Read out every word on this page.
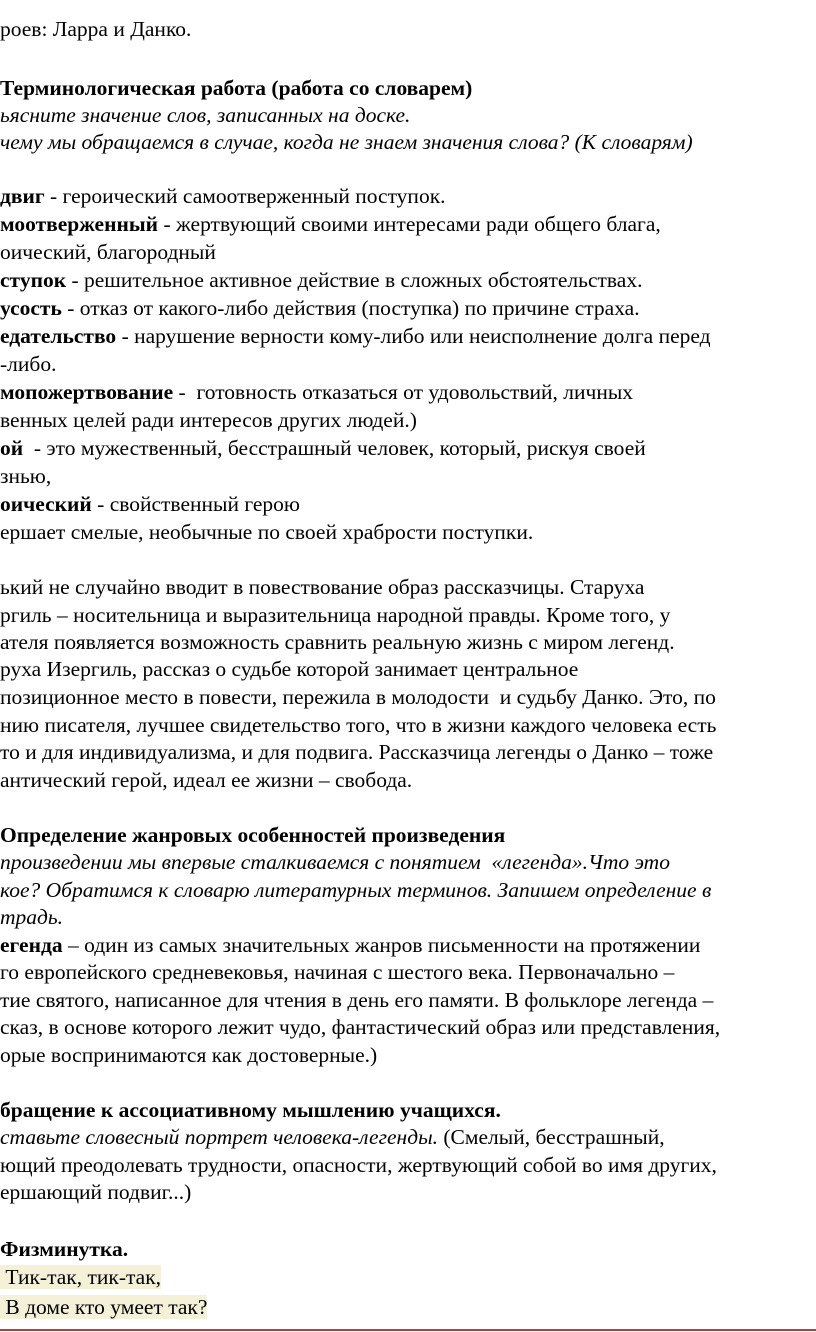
роев: Ларра и Данко.
Терминологическая работа (работа со словарем)
ьясните значение слов, записанных на доске.
чему мы обращаемся в случае, когда не знаем значения слова? (К словарям)
двиг - героический самоотверженный поступок.
моотверженный - жертвующий своими интересами ради общего блага,
оический, благородный
ступок - решительное активное действие в сложных обстоятельствах.
усость - отказ от какого-либо действия (поступка) по причине страха.
едательство - нарушение верности кому-либо или неисполнение долга перед
-либо.
мопожертвование -  готовность отказаться от удовольствий, личных
венных целей ради интересов других людей.)
ой  - это мужественный, бесстрашный человек, который, рискуя своей
знью,
оический - свойственный герою
ершает смелые, необычные по своей храбрости поступки.
ький не случайно вводит в повествование образ рассказчицы. Старуха
ргиль – носительница и выразительница народной правды. Кроме того, у
ателя появляется возможность сравнить реальную жизнь с миром легенд.
руха Изергиль, рассказ о судьбе которой занимает центральное
позиционное место в повести, пережила в молодости  и судьбу Данко. Это, по
нию писателя, лучшее свидетельство того, что в жизни каждого человека есть
то и для индивидуализма, и для подвига. Рассказчица легенды о Данко – тоже
антический герой, идеал ее жизни – свобода.
Определение жанровых особенностей произведения
произведении мы впервые сталкиваемся с понятием  «легенда».Что это
кое? Обратимся к словарю литературных терминов. Запишем определение в
традь.
егенда – один из самых значительных жанров письменности на протяжении
го европейского средневековья, начиная с шестого века. Первоначально –
тие святого, написанное для чтения в день его памяти. В фольклоре легенда –
сказ, в основе которого лежит чудо, фантастический образ или представления,
орые воспринимаются как достоверные.)
бращение к ассоциативному мышлению учащихся.
ставьте словесный портрет человека-легенды. (Смелый, бесстрашный,
ющий преодолевать трудности, опасности, жертвующий собой во имя других,
ершающий подвиг...)
Физминутка.
Тик-так, тик-так,
В доме кто умеет так?
